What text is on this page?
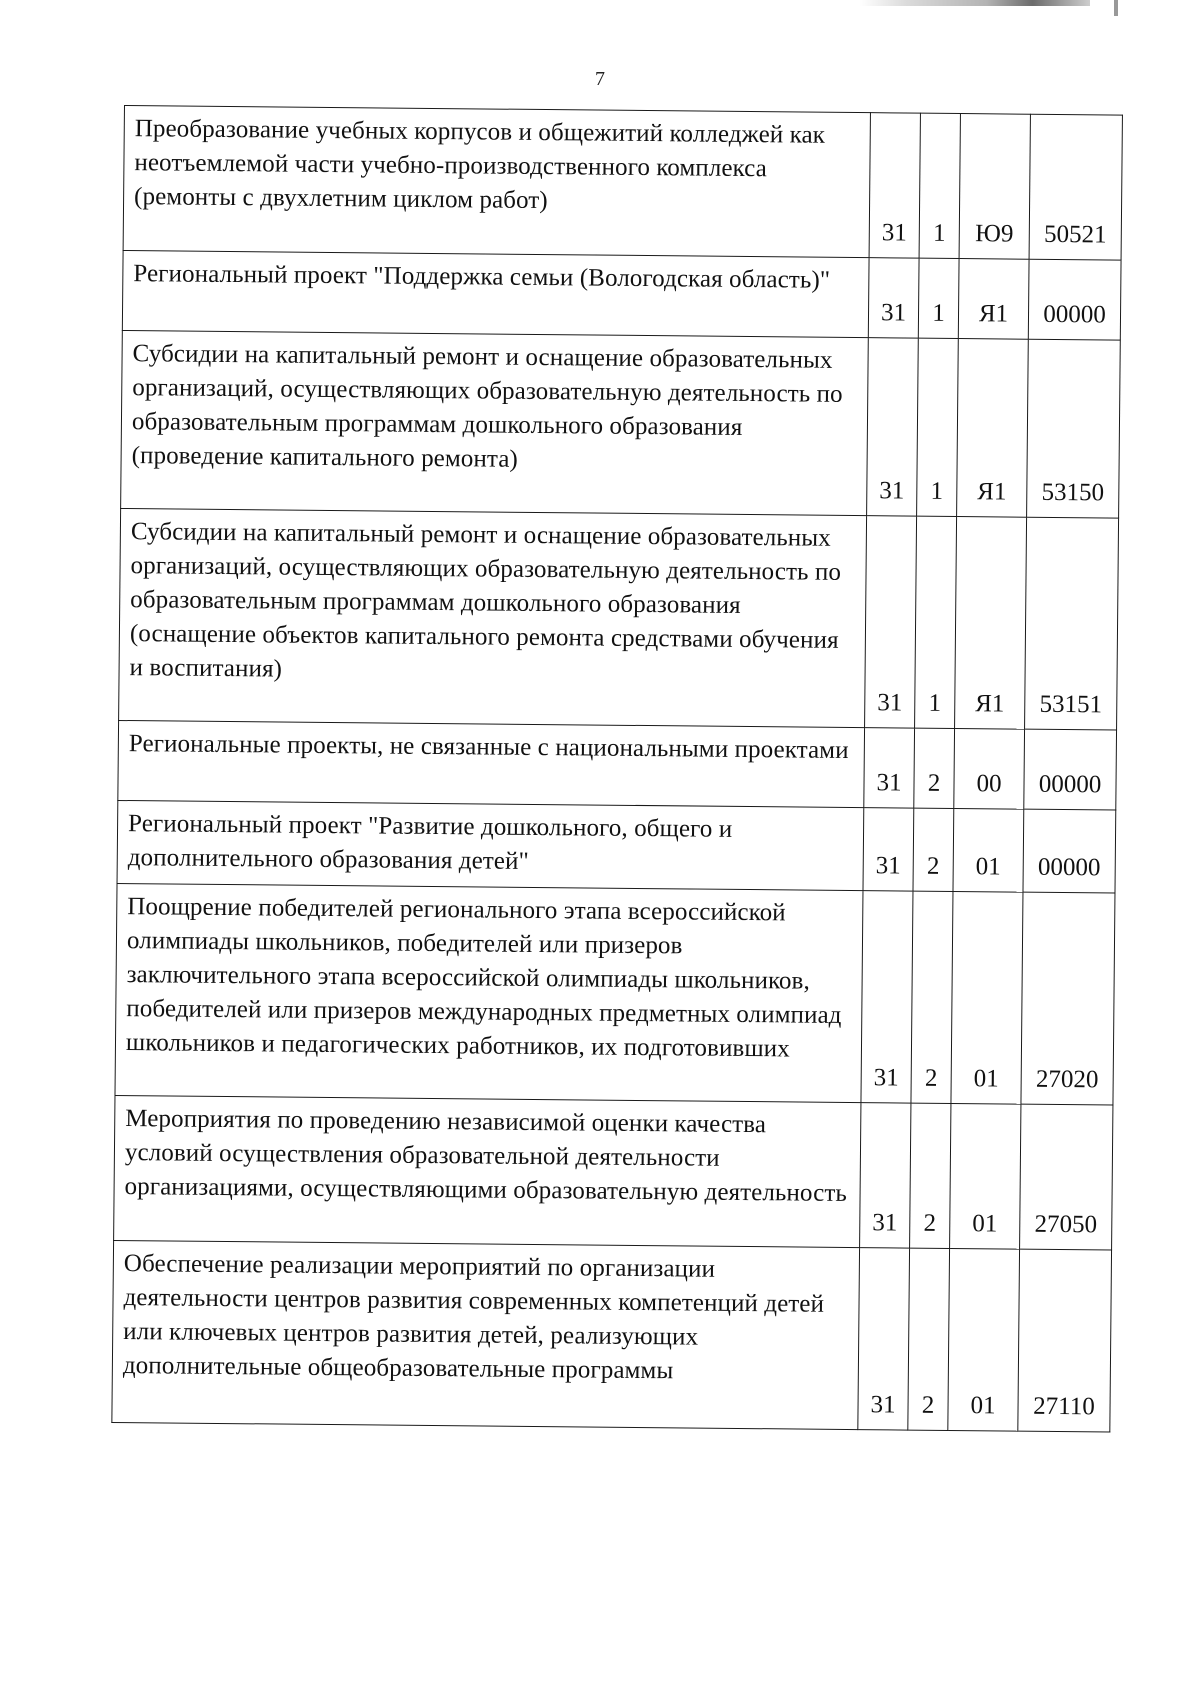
7
Преобразование учебных корпусов и общежитий колледжей как неотъемлемой части учебно-производственного комплекса (ремонты с двухлетним циклом работ)	31	1	Ю9	50521
Региональный проект "Поддержка семьи (Вологодская область)"	31	1	Я1	00000
Субсидии на капитальный ремонт и оснащение образовательных организаций, осуществляющих образовательную деятельность по образовательным программам дошкольного образования (проведение капитального ремонта)	31	1	Я1	53150
Субсидии на капитальный ремонт и оснащение образовательных организаций, осуществляющих образовательную деятельность по образовательным программам дошкольного образования (оснащение объектов капитального ремонта средствами обучения и воспитания)	31	1	Я1	53151
Региональные проекты, не связанные с национальными проектами	31	2	00	00000
Региональный проект "Развитие дошкольного, общего и дополнительного образования детей"	31	2	01	00000
Поощрение победителей регионального этапа всероссийской олимпиады школьников, победителей или призеров заключительного этапа всероссийской олимпиады школьников, победителей или призеров международных предметных олимпиад школьников и педагогических работников, их подготовивших	31	2	01	27020
Мероприятия по проведению независимой оценки качества условий осуществления образовательной деятельности организациями, осуществляющими образовательную деятельность	31	2	01	27050
Обеспечение реализации мероприятий по организации деятельности центров развития современных компетенций детей или ключевых центров развития детей, реализующих дополнительные общеобразовательные программы	31	2	01	27110
